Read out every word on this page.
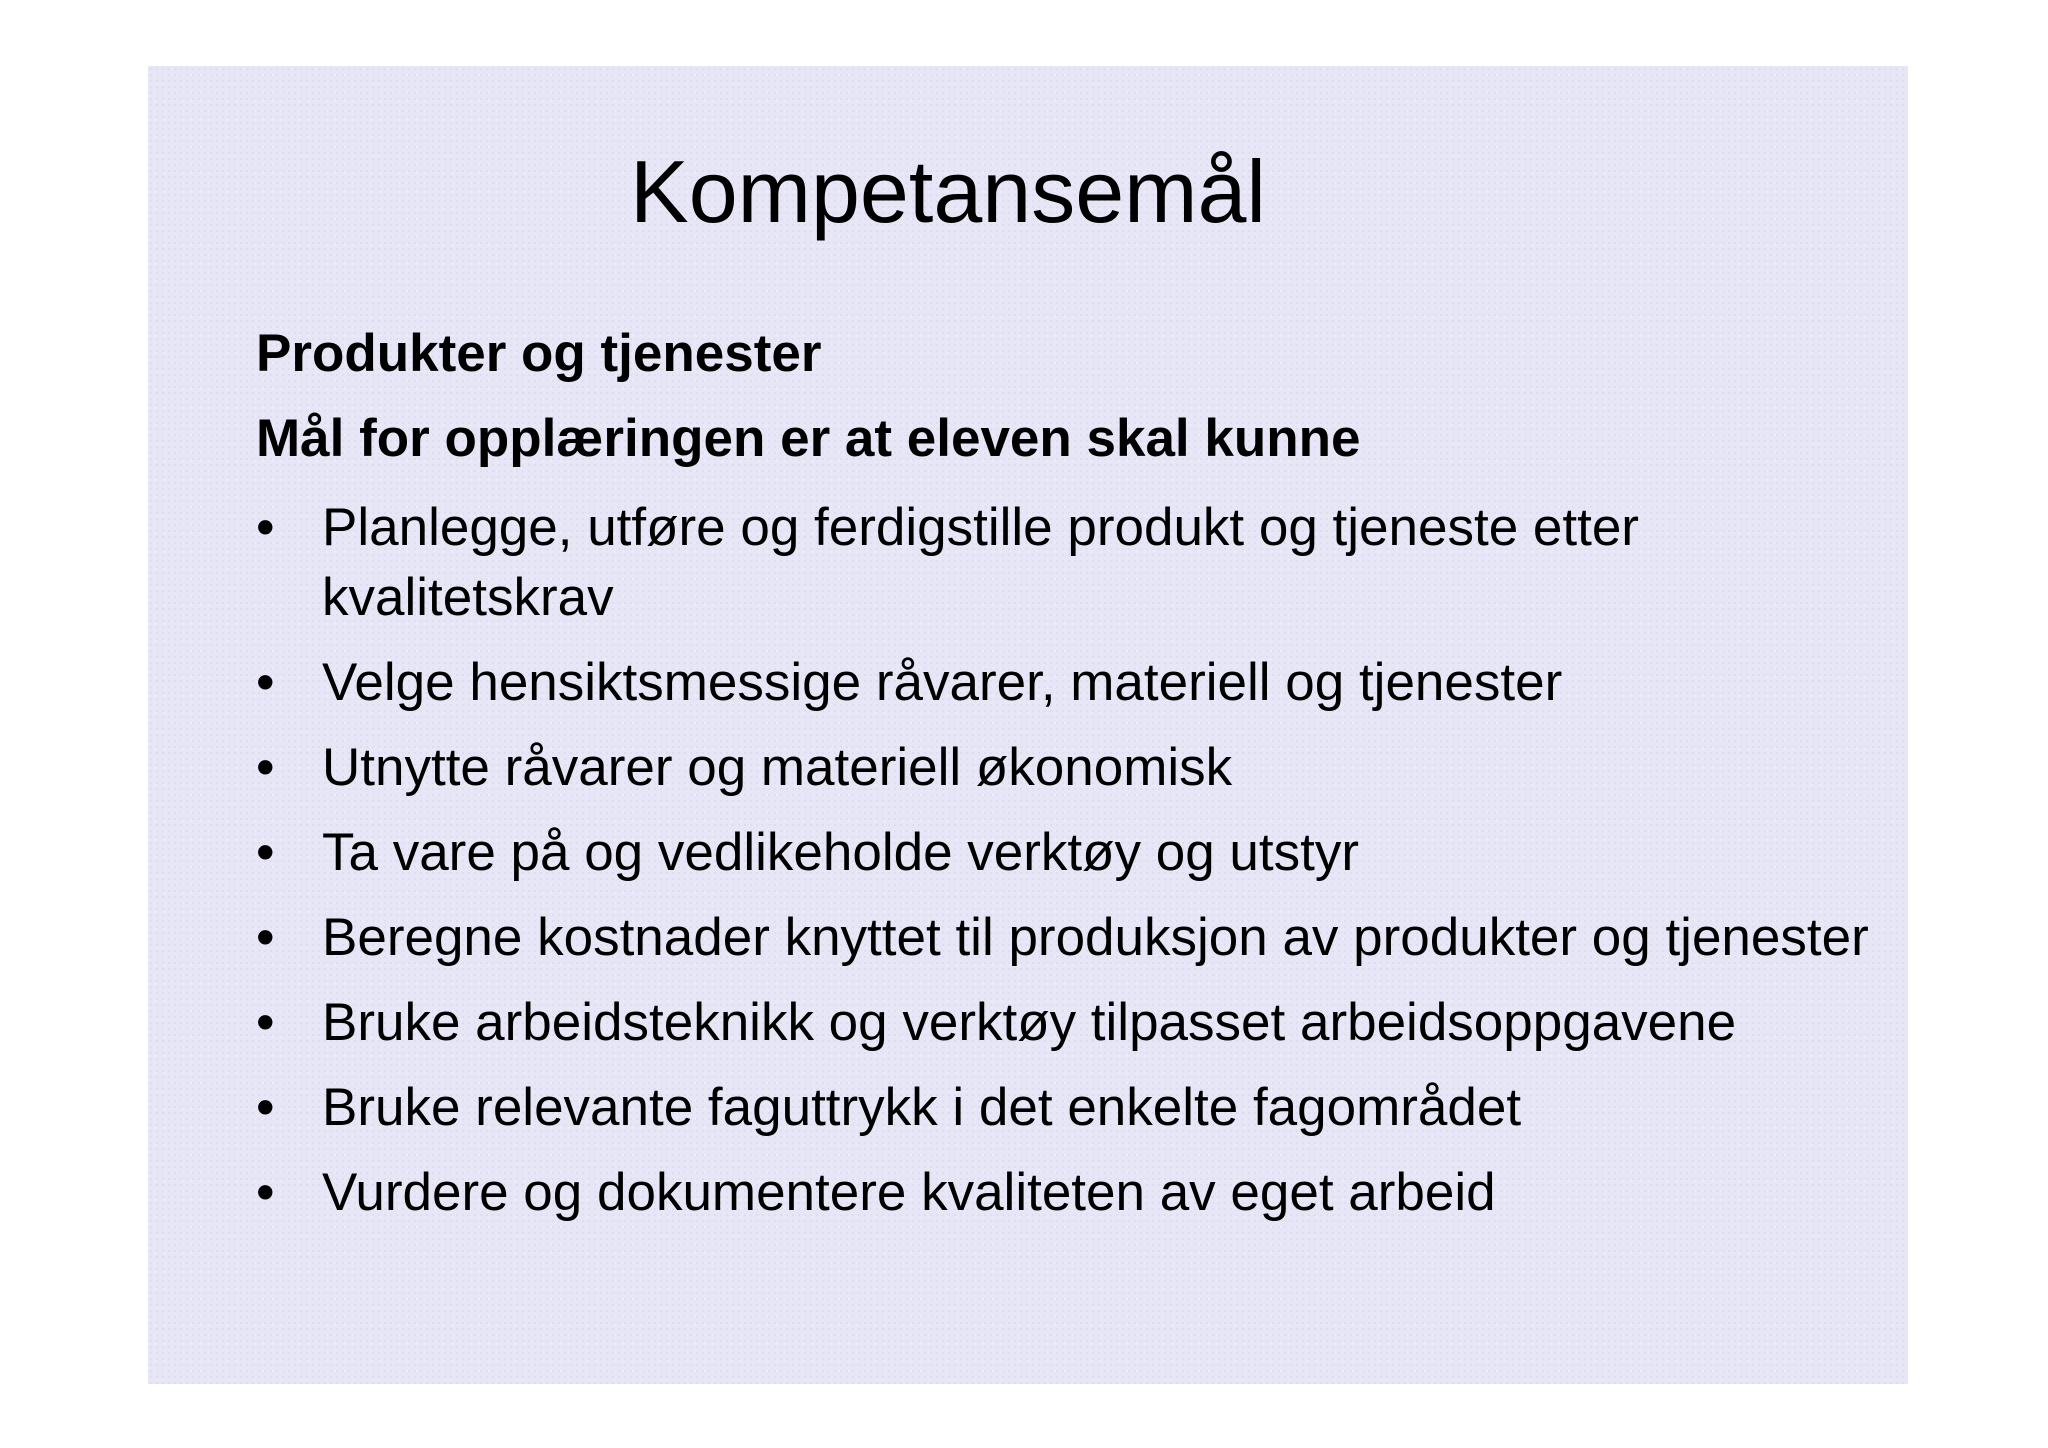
Kompetansemål

Produkter og tjenester

Mål for opplæringen er at eleven skal kunne

• Planlegge, utføre og ferdigstille produkt og tjeneste etter kvalitetskrav
• Velge hensiktsmessige råvarer, materiell og tjenester
• Utnytte råvarer og materiell økonomisk
• Ta vare på og vedlikeholde verktøy og utstyr
• Beregne kostnader knyttet til produksjon av produkter og tjenester
• Bruke arbeidsteknikk og verktøy tilpasset arbeidsoppgavene
• Bruke relevante faguttrykk i det enkelte fagområdet
• Vurdere og dokumentere kvaliteten av eget arbeid
